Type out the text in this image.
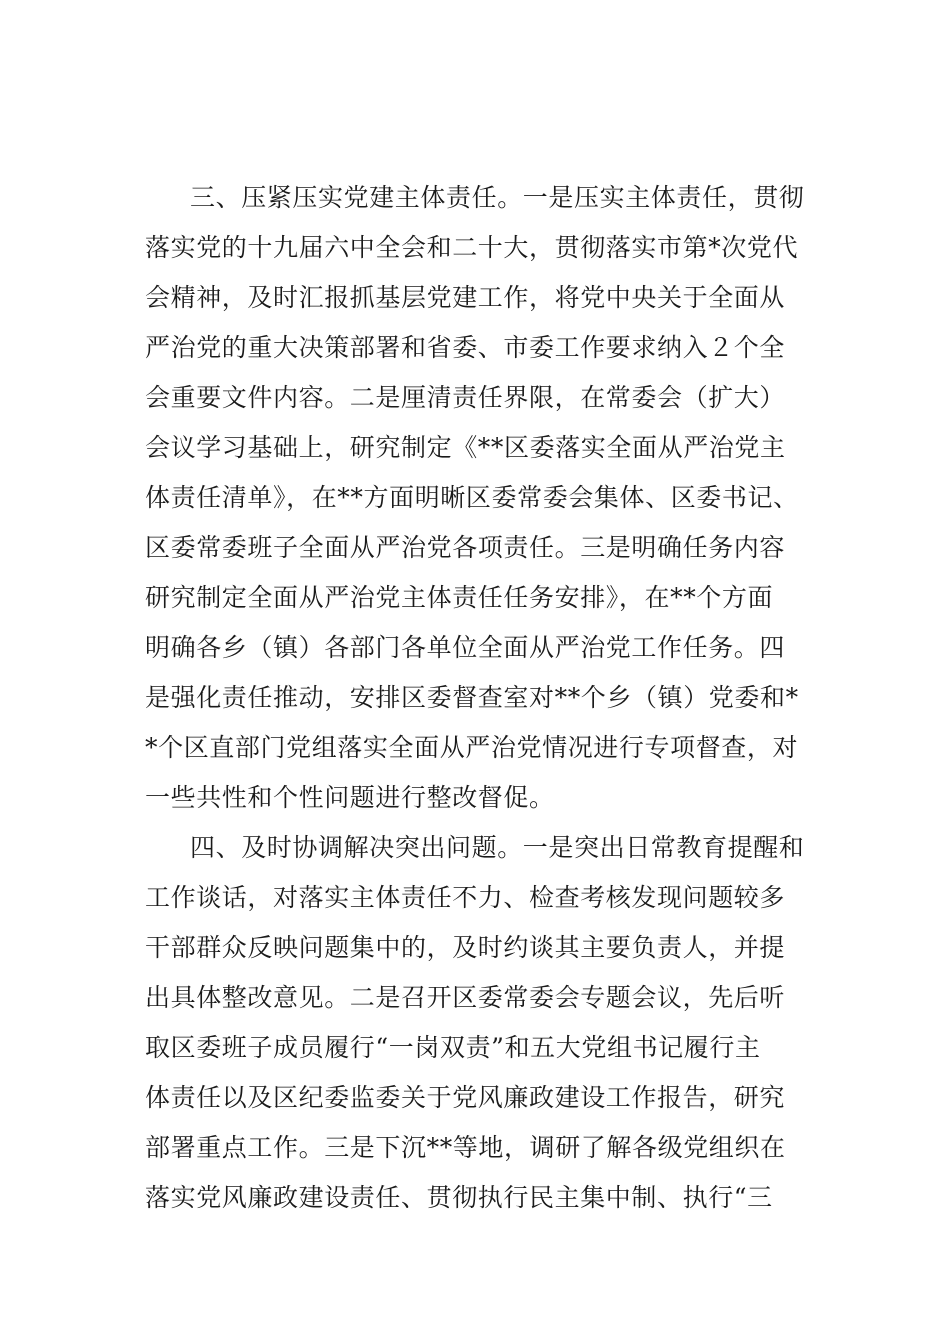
三、压紧压实党建主体责任。一是压实主体责任，贯彻
落实党的十九届六中全会和二十大，贯彻落实市第*次党代
会精神，及时汇报抓基层党建工作，将党中央关于全面从
严治党的重大决策部署和省委、市委工作要求纳入２个全
会重要文件内容。二是厘清责任界限，在常委会（扩大）
会议学习基础上，研究制定《**区委落实全面从严治党主
体责任清单》，在**方面明晰区委常委会集体、区委书记、
区委常委班子全面从严治党各项责任。三是明确任务内容
研究制定全面从严治党主体责任任务安排》，在**个方面
明确各乡（镇）各部门各单位全面从严治党工作任务。四
是强化责任推动，安排区委督查室对**个乡（镇）党委和*
*个区直部门党组落实全面从严治党情况进行专项督查，对
一些共性和个性问题进行整改督促。
四、及时协调解决突出问题。一是突出日常教育提醒和
工作谈话，对落实主体责任不力、检查考核发现问题较多
干部群众反映问题集中的，及时约谈其主要负责人，并提
出具体整改意见。二是召开区委常委会专题会议，先后听
取区委班子成员履行“一岗双责”和五大党组书记履行主
体责任以及区纪委监委关于党风廉政建设工作报告，研究
部署重点工作。三是下沉**等地，调研了解各级党组织在
落实党风廉政建设责任、贯彻执行民主集中制、执行“三
